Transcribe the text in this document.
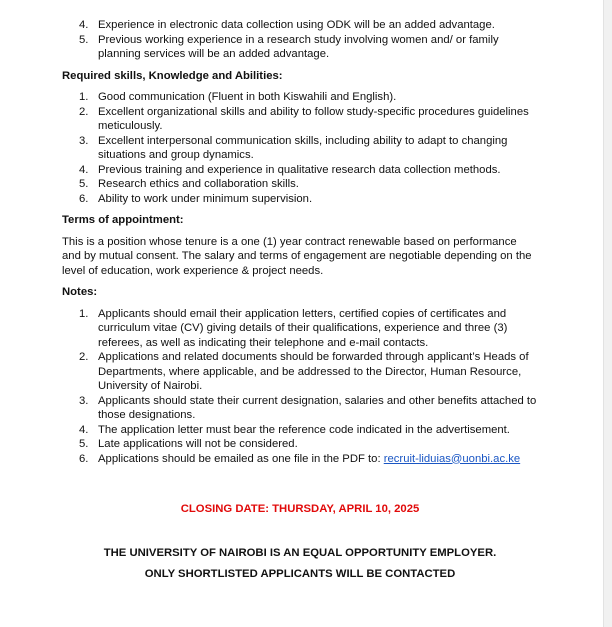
4. Experience in electronic data collection using ODK will be an added advantage.
5. Previous working experience in a research study involving women and/ or family planning services will be an added advantage.

Required skills, Knowledge and Abilities:

1. Good communication (Fluent in both Kiswahili and English).
2. Excellent organizational skills and ability to follow study-specific procedures guidelines meticulously.
3. Excellent interpersonal communication skills, including ability to adapt to changing situations and group dynamics.
4. Previous training and experience in qualitative research data collection methods.
5. Research ethics and collaboration skills.
6. Ability to work under minimum supervision.

Terms of appointment:

This is a position whose tenure is a one (1) year contract renewable based on performance and by mutual consent. The salary and terms of engagement are negotiable depending on the level of education, work experience & project needs.

Notes:

1. Applicants should email their application letters, certified copies of certificates and curriculum vitae (CV) giving details of their qualifications, experience and three (3) referees, as well as indicating their telephone and e-mail contacts.
2. Applications and related documents should be forwarded through applicant’s Heads of Departments, where applicable, and be addressed to the Director, Human Resource, University of Nairobi.
3. Applicants should state their current designation, salaries and other benefits attached to those designations.
4. The application letter must bear the reference code indicated in the advertisement.
5. Late applications will not be considered.
6. Applications should be emailed as one file in the PDF to: recruit-liduias@uonbi.ac.ke

CLOSING DATE: THURSDAY, APRIL 10, 2025

THE UNIVERSITY OF NAIROBI IS AN EQUAL OPPORTUNITY EMPLOYER.

ONLY SHORTLISTED APPLICANTS WILL BE CONTACTED
